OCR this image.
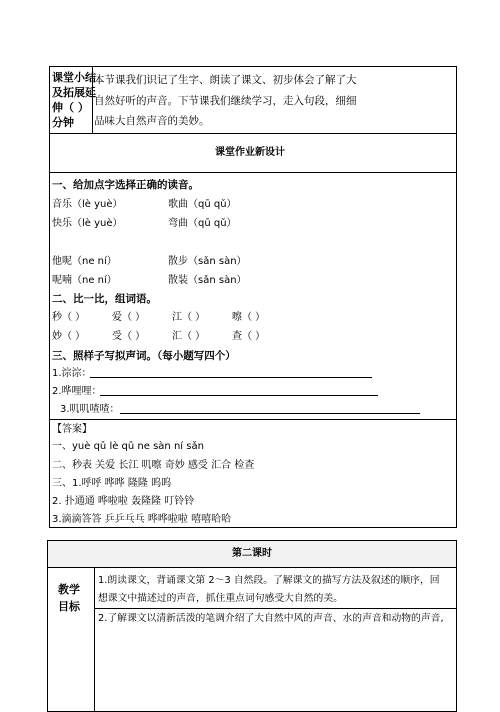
课堂小结
及拓展延
伸（ ）
分钟
本节课我们识记了生字、朗读了课文、初步体会了解了大
自然好听的声音。下节课我们继续学习，走入句段，细细
品味大自然声音的美妙。
课堂作业新设计
一、给加点字选择正确的读音。
音乐（lè yuè）	歌曲（qū qǔ）
快乐（lè yuè）	弯曲（qū qǔ）
他呢（ne ní）	散步（sǎn sàn）
呢喃（ne ní）	散装（sǎn sàn）
二、比一比，组词语。
秒（ ）	爱（ ）	江（ ）	嚓（ ）
妙（ ）	受（ ）	汇（ ）	查（ ）
三、照样子写拟声词。（每小题写四个）
1.淙淙：
2.哗哩哩：
3.叽叽喳喳：
【答案】
一、yuè qǔ lè qǔ ne sàn ní sǎn
二、秒表 关爱 长江 叽嚓 奇妙 感受 汇合 检查
三、1.呼呼 哗哗 隆隆 呜呜
2. 扑通通 哗啦啦 轰隆隆 叮铃铃
3.滴滴答答 乒乒乓乓 哗哗啦啦 嘻嘻哈哈
第二课时
教学
目标
1.朗读课文，背诵课文第 2～3 自然段。了解课文的描写方法及叙述的顺序，回
想课文中描述过的声音，抓住重点词句感受大自然的美。
2.了解课文以清新活泼的笔调介绍了大自然中风的声音、水的声音和动物的声音,
